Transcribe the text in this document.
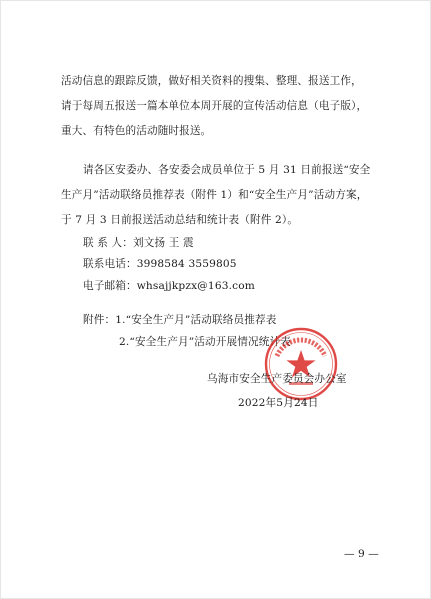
活动信息的跟踪反馈，做好相关资料的搜集、整理、报送工作，
请于每周五报送一篇本单位本周开展的宣传活动信息（电子版），
重大、有特色的活动随时报送。
请各区安委办、各安委会成员单位于 5 月 31 日前报送“安全
生产月”活动联络员推荐表（附件 1）和“安全生产月”活动方案，
于 7 月 3 日前报送活动总结和统计表（附件 2）。
联 系 人：刘文扬 王 震
联系电话：3998584 3559805
电子邮箱：whsajjkpzx@163.com
附件：1.“安全生产月”活动联络员推荐表
2.“安全生产月”活动开展情况统计表
乌海市安全生产委员会办公室
2022年5月24日
— 9 —
